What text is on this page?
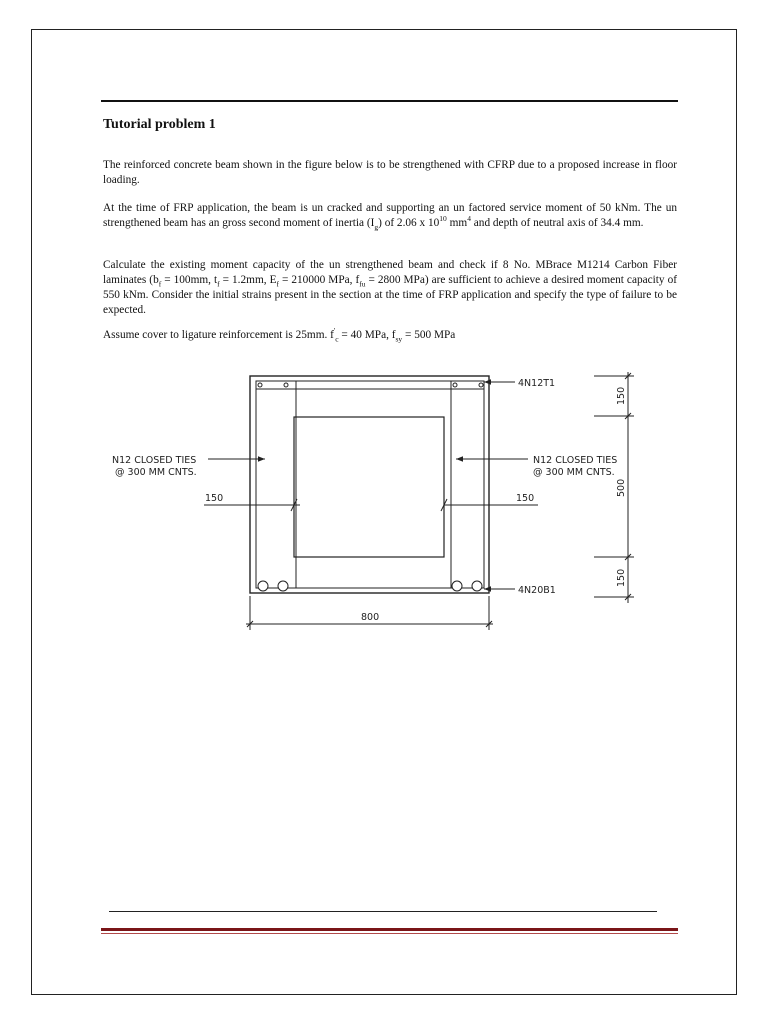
Tutorial problem 1

The reinforced concrete beam shown in the figure below is to be strengthened with CFRP due to a proposed increase in floor loading.

At the time of FRP application, the beam is un cracked and supporting an un factored service moment of 50 kNm. The un strengthened beam has an gross second moment of inertia $(I_g)$ of 2.06 x $10^{10}$ $mm^4$ and depth of neutral axis of 34.4 mm.

Calculate the existing moment capacity of the un strengthened beam and check if 8 No. MBrace M1214 Carbon Fiber laminates ($b_f = 100mm$, $t_f = 1.2mm$, $E_f = 210000$ MPa, $f_{fu} = 2800$ MPa) are sufficient to achieve a desired moment capacity of 550 kNm. Consider the initial strains present in the section at the time of FRP application and specify the type of failure to be expected.

Assume cover to ligature reinforcement is 25mm. $f'_c = 40$ MPa, $f_{sy} = 500$ MPa

4N12T1
4N20B1
N12 CLOSED TIES
@ 300 MM CNTS.
N12 CLOSED TIES
@ 300 MM CNTS.
150	150
800
150
500
150
